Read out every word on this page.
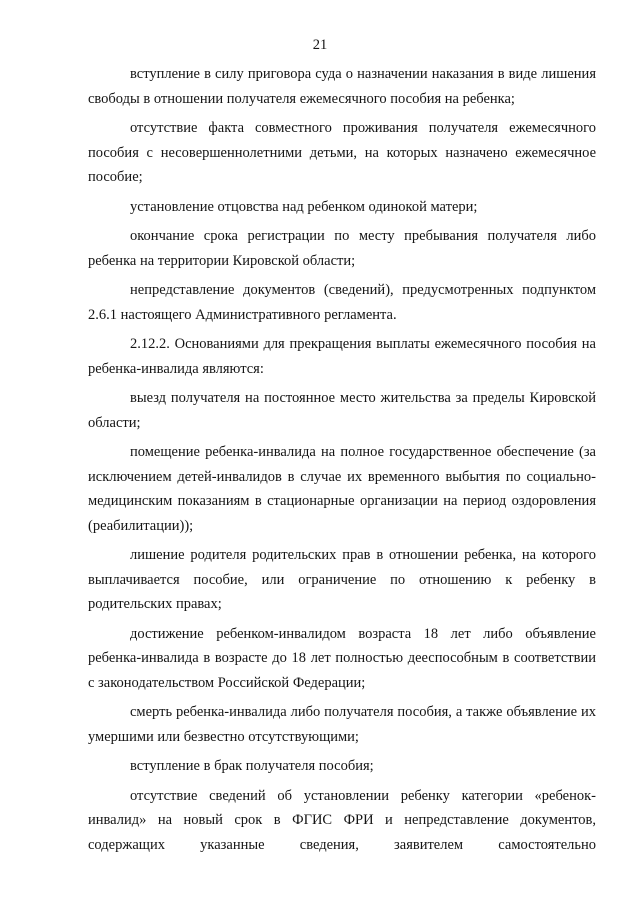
21

вступление в силу приговора суда о назначении наказания в виде лишения свободы в отношении получателя ежемесячного пособия на ребенка;

отсутствие факта совместного проживания получателя ежемесячного пособия с несовершеннолетними детьми, на которых назначено ежемесячное пособие;

установление отцовства над ребенком одинокой матери;

окончание срока регистрации по месту пребывания получателя либо ребенка на территории Кировской области;

непредставление документов (сведений), предусмотренных подпунктом 2.6.1 настоящего Административного регламента.

2.12.2. Основаниями для прекращения выплаты ежемесячного пособия на ребенка-инвалида являются:

выезд получателя на постоянное место жительства за пределы Кировской области;

помещение ребенка-инвалида на полное государственное обеспечение (за исключением детей-инвалидов в случае их временного выбытия по социально-медицинским показаниям в стационарные организации на период оздоровления (реабилитации));

лишение родителя родительских прав в отношении ребенка, на которого выплачивается пособие, или ограничение по отношению к ребенку в родительских правах;

достижение ребенком-инвалидом возраста 18 лет либо объявление ребенка-инвалида в возрасте до 18 лет полностью дееспособным в соответствии с законодательством Российской Федерации;

смерть ребенка-инвалида либо получателя пособия, а также объявление их умершими или безвестно отсутствующими;

вступление в брак получателя пособия;

отсутствие сведений об установлении ребенку категории «ребенок-инвалид» на новый срок в ФГИС ФРИ и непредставление документов, содержащих указанные сведения, заявителем самостоятельно
